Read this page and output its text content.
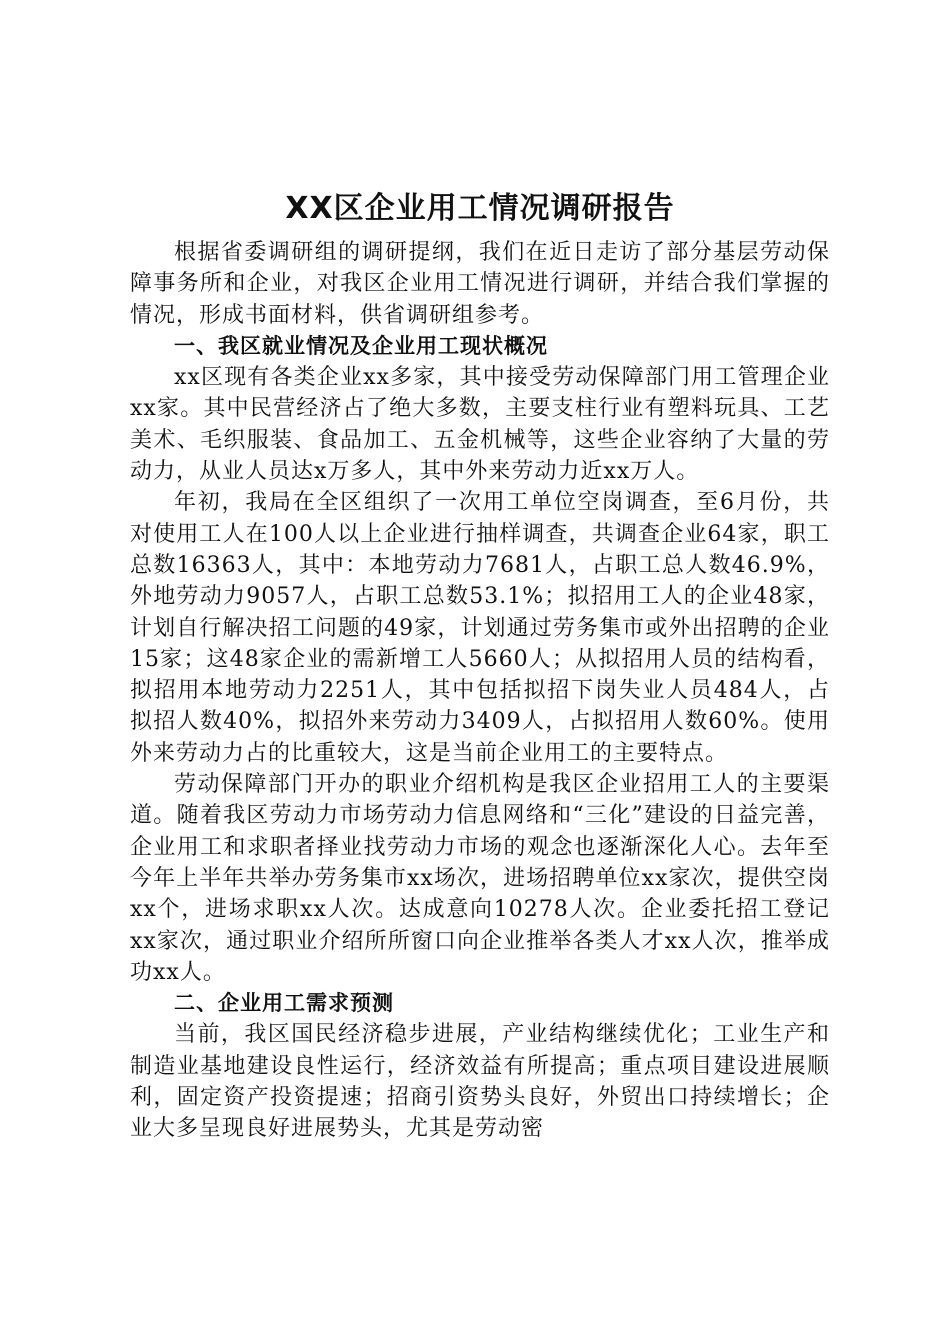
XX区企业用工情况调研报告

根据省委调研组的调研提纲，我们在近日走访了部分基层劳动保障事务所和企业，对我区企业用工情况进行调研，并结合我们掌握的情况，形成书面材料，供省调研组参考。

一、我区就业情况及企业用工现状概况

xx区现有各类企业xx多家，其中接受劳动保障部门用工管理企业xx家。其中民营经济占了绝大多数，主要支柱行业有塑料玩具、工艺美术、毛织服装、食品加工、五金机械等，这些企业容纳了大量的劳动力，从业人员达x万多人，其中外来劳动力近xx万人。

年初，我局在全区组织了一次用工单位空岗调查，至6月份，共对使用工人在100人以上企业进行抽样调查，共调查企业64家，职工总数16363人，其中：本地劳动力7681人，占职工总人数46.9%，外地劳动力9057人，占职工总数53.1%；拟招用工人的企业48家，计划自行解决招工问题的49家，计划通过劳务集市或外出招聘的企业15家；这48家企业的需新增工人5660人；从拟招用人员的结构看，拟招用本地劳动力2251人，其中包括拟招下岗失业人员484人，占拟招人数40%，拟招外来劳动力3409人，占拟招用人数60%。使用外来劳动力占的比重较大，这是当前企业用工的主要特点。

劳动保障部门开办的职业介绍机构是我区企业招用工人的主要渠道。随着我区劳动力市场劳动力信息网络和“三化”建设的日益完善，企业用工和求职者择业找劳动力市场的观念也逐渐深化人心。去年至今年上半年共举办劳务集市xx场次，进场招聘单位xx家次，提供空岗xx个，进场求职xx人次。达成意向10278人次。企业委托招工登记xx家次，通过职业介绍所所窗口向企业推举各类人才xx人次，推举成功xx人。

二、企业用工需求预测

当前，我区国民经济稳步进展，产业结构继续优化；工业生产和制造业基地建设良性运行，经济效益有所提高；重点项目建设进展顺利，固定资产投资提速；招商引资势头良好，外贸出口持续增长；企业大多呈现良好进展势头，尤其是劳动密
